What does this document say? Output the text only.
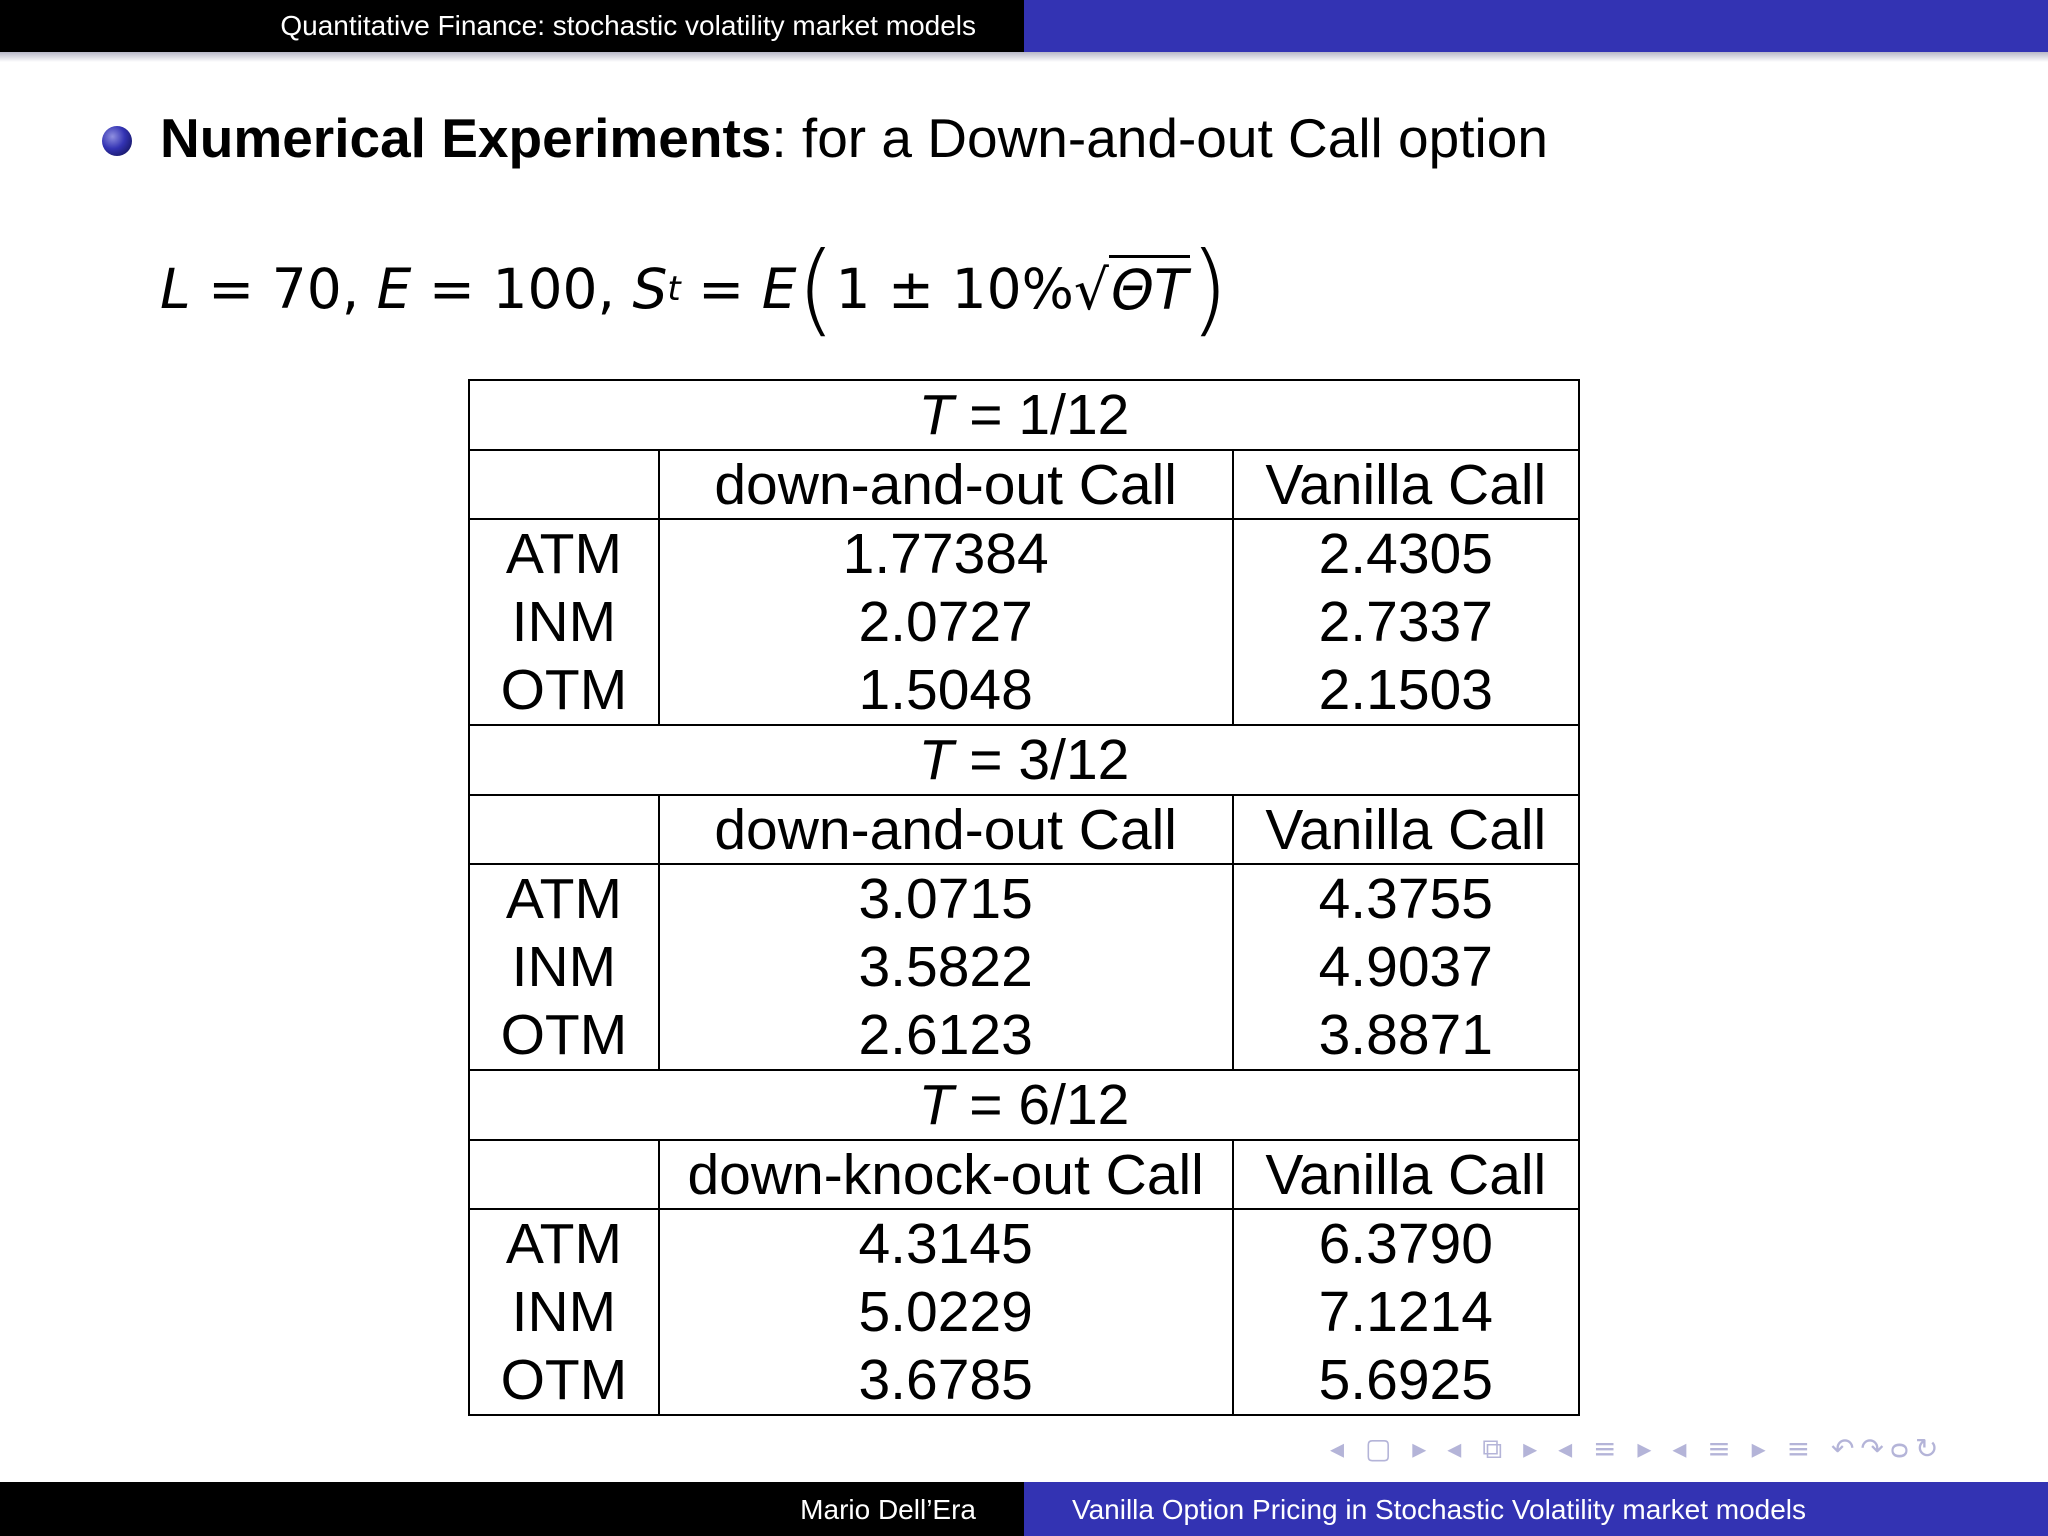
Quantitative Finance: stochastic volatility market models
Numerical Experiments: for a Down-and-out Call option
L = 70, E = 100, S t = E ( 1 ± 10% √ ΘT )
T = 1/12		
	down-and-out Call	Vanilla Call
ATM	1.77384	2.4305
INM	2.0727	2.7337
OTM	1.5048	2.1503
T = 3/12		
	down-and-out Call	Vanilla Call
ATM	3.0715	4.3755
INM	3.5822	4.9037
OTM	2.6123	3.8871
T = 6/12		
	down-knock-out Call	Vanilla Call
ATM	4.3145	6.3790
INM	5.0229	7.1214
OTM	3.6785	5.6925
◂ ▢ ▸ ◂ ⧉ ▸ ◂ ≡ ▸ ◂ ≡ ▸ ≡ ↶↷ᴑ↻
Mario Dell’Era	Vanilla Option Pricing in Stochastic Volatility market models
